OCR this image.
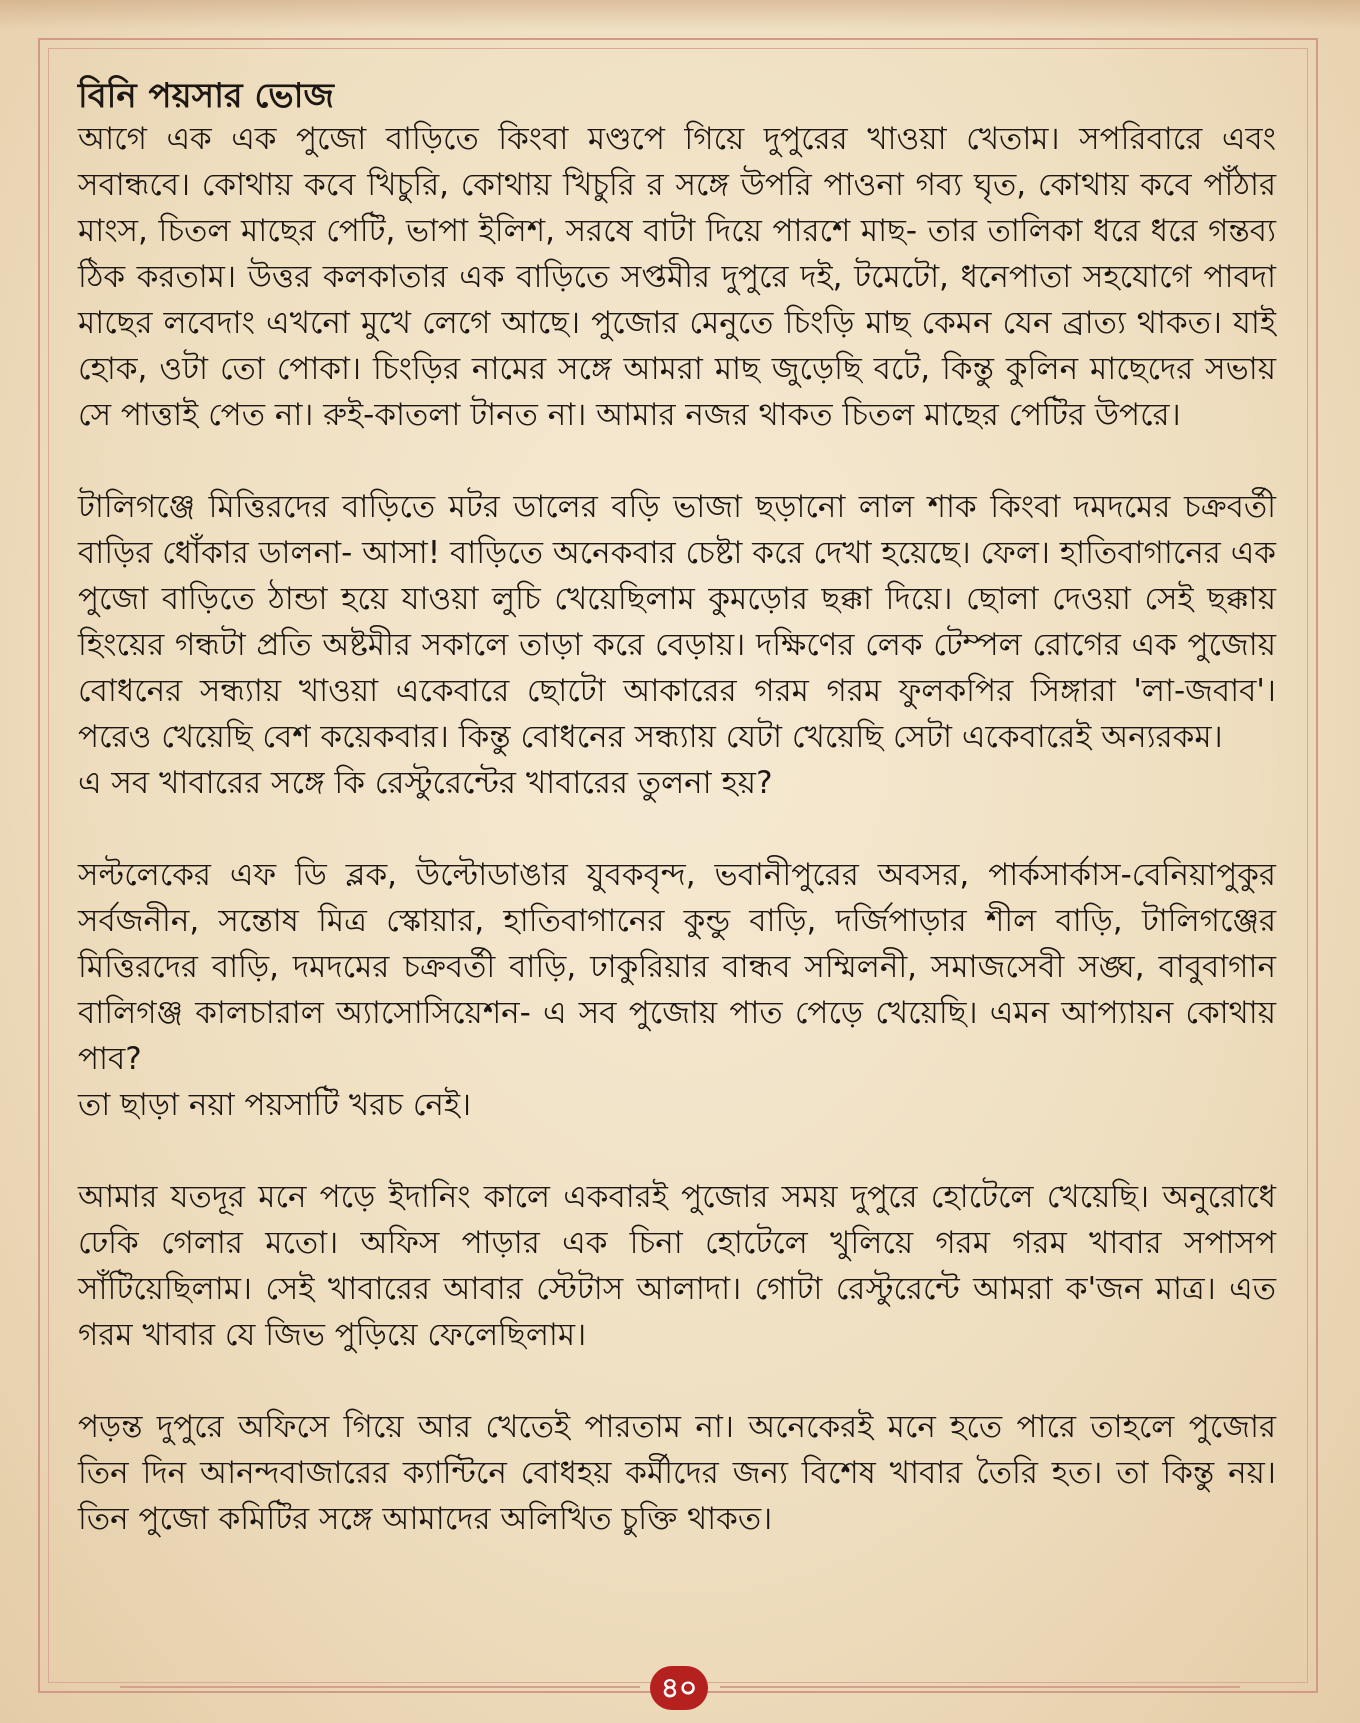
বিনি পয়সার ভোজ

আগে এক এক পুজো বাড়িতে কিংবা মণ্ডপে গিয়ে দুপুরের খাওয়া খেতাম। সপরিবারে এবং সবান্ধবে। কোথায় কবে খিচুরি, কোথায় খিচুরি র সঙ্গে উপরি পাওনা গব্য ঘৃত, কোথায় কবে পাঁঠার মাংস, চিতল মাছের পেটি, ভাপা ইলিশ, সরষে বাটা দিয়ে পারশে মাছ- তার তালিকা ধরে ধরে গন্তব্য ঠিক করতাম। উত্তর কলকাতার এক বাড়িতে সপ্তমীর দুপুরে দই, টমেটো, ধনেপাতা সহযোগে পাবদা মাছের লবেদাং এখনো মুখে লেগে আছে। পুজোর মেনুতে চিংড়ি মাছ কেমন যেন ব্রাত্য থাকত। যাই হোক, ওটা তো পোকা। চিংড়ির নামের সঙ্গে আমরা মাছ জুড়েছি বটে, কিন্তু কুলিন মাছেদের সভায় সে পাত্তাই পেত না। রুই-কাতলা টানত না। আমার নজর থাকত চিতল মাছের পেটির উপরে।

টালিগঞ্জে মিত্তিরদের বাড়িতে মটর ডালের বড়ি ভাজা ছড়ানো লাল শাক কিংবা দমদমের চক্রবর্তী বাড়ির ধোঁকার ডালনা- আসা! বাড়িতে অনেকবার চেষ্টা করে দেখা হয়েছে। ফেল। হাতিবাগানের এক পুজো বাড়িতে ঠান্ডা হয়ে যাওয়া লুচি খেয়েছিলাম কুমড়োর ছক্কা দিয়ে। ছোলা দেওয়া সেই ছক্কায় হিংয়ের গন্ধটা প্রতি অষ্টমীর সকালে তাড়া করে বেড়ায়। দক্ষিণের লেক টেম্পল রোগের এক পুজোয় বোধনের সন্ধ্যায় খাওয়া একেবারে ছোটো আকারের গরম গরম ফুলকপির সিঙ্গারা 'লা-জবাব'। পরেও খেয়েছি বেশ কয়েকবার। কিন্তু বোধনের সন্ধ্যায় যেটা খেয়েছি সেটা একেবারেই অন্যরকম।
এ সব খাবারের সঙ্গে কি রেস্টুরেন্টের খাবারের তুলনা হয়?

সল্টলেকের এফ ডি ব্লক, উল্টোডাঙার যুবকবৃন্দ, ভবানীপুরের অবসর, পার্কসার্কাস-বেনিয়াপুকুর সর্বজনীন, সন্তোষ মিত্র স্কোয়ার, হাতিবাগানের কুন্ডু বাড়ি, দর্জিপাড়ার শীল বাড়ি, টালিগঞ্জের মিত্তিরদের বাড়ি, দমদমের চক্রবর্তী বাড়ি, ঢাকুরিয়ার বান্ধব সম্মিলনী, সমাজসেবী সঙ্ঘ, বাবুবাগান বালিগঞ্জ কালচারাল অ্যাসোসিয়েশন- এ সব পুজোয় পাত পেড়ে খেয়েছি। এমন আপ্যায়ন কোথায় পাব?
তা ছাড়া নয়া পয়সাটি খরচ নেই।

আমার যতদূর মনে পড়ে ইদানিং কালে একবারই পুজোর সময় দুপুরে হোটেলে খেয়েছি। অনুরোধে ঢেকি গেলার মতো। অফিস পাড়ার এক চিনা হোটেলে খুলিয়ে গরম গরম খাবার সপাসপ সাঁটিয়েছিলাম। সেই খাবারের আবার স্টেটাস আলাদা। গোটা রেস্টুরেন্টে আমরা ক'জন মাত্র। এত গরম খাবার যে জিভ পুড়িয়ে ফেলেছিলাম।

পড়ন্ত দুপুরে অফিসে গিয়ে আর খেতেই পারতাম না। অনেকেরই মনে হতে পারে তাহলে পুজোর তিন দিন আনন্দবাজারের ক্যান্টিনে বোধহয় কর্মীদের জন্য বিশেষ খাবার তৈরি হত। তা কিন্তু নয়। তিন পুজো কমিটির সঙ্গে আমাদের অলিখিত চুক্তি থাকত।

৪০
